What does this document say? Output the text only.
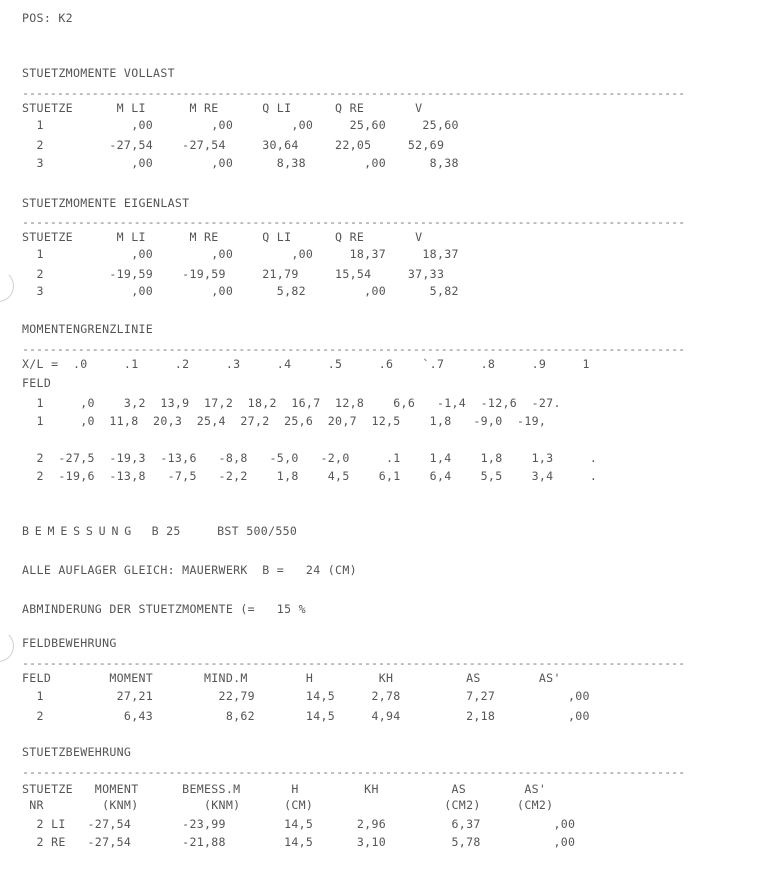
POS: K2

STUETZMOMENTE VOLLAST

-----------------------------------------------------------------------------------------------

STUETZE      M LI      M RE      Q LI      Q RE       V

1            ,00        ,00        ,00     25,60     25,60

2         -27,54    -27,54     30,64     22,05     52,69

3            ,00        ,00      8,38        ,00      8,38

STUETZMOMENTE EIGENLAST

-----------------------------------------------------------------------------------------------

STUETZE      M LI      M RE      Q LI      Q RE       V

1            ,00        ,00        ,00     18,37     18,37

2         -19,59    -19,59     21,79     15,54     37,33

3            ,00        ,00      5,82        ,00      5,82

MOMENTENGRENZLINIE

-----------------------------------------------------------------------------------------------

X/L =  .0     .1     .2     .3     .4     .5     .6    `.7     .8     .9     1

FELD

1     ,0    3,2  13,9  17,2  18,2  16,7  12,8    6,6   -1,4  -12,6  -27.

1     ,0  11,8  20,3  25,4  27,2  25,6  20,7  12,5    1,8   -9,0  -19,

2  -27,5  -19,3  -13,6   -8,8   -5,0   -2,0     .1    1,4    1,8    1,3     .

2  -19,6  -13,8   -7,5   -2,2    1,8    4,5    6,1    6,4    5,5    3,4     .

BEMESSUNG  B 25     BST 500/550

ALLE AUFLAGER GLEICH: MAUERWERK  B =   24 (CM)

ABMINDERUNG DER STUETZMOMENTE (=   15 %

FELDBEWEHRUNG

-----------------------------------------------------------------------------------------------

FELD        MOMENT       MIND.M        H         KH          AS        AS'

1          27,21         22,79       14,5     2,78         7,27          ,00

2           6,43          8,62       14,5     4,94         2,18          ,00

STUETZBEWEHRUNG

-----------------------------------------------------------------------------------------------

STUETZE   MOMENT      BEMESS.M       H         KH          AS        AS'

NR        (KNM)         (KNM)      (CM)                  (CM2)     (CM2)

2 LI   -27,54       -23,99        14,5      2,96         6,37          ,00

2 RE   -27,54       -21,88        14,5      3,10         5,78          ,00
